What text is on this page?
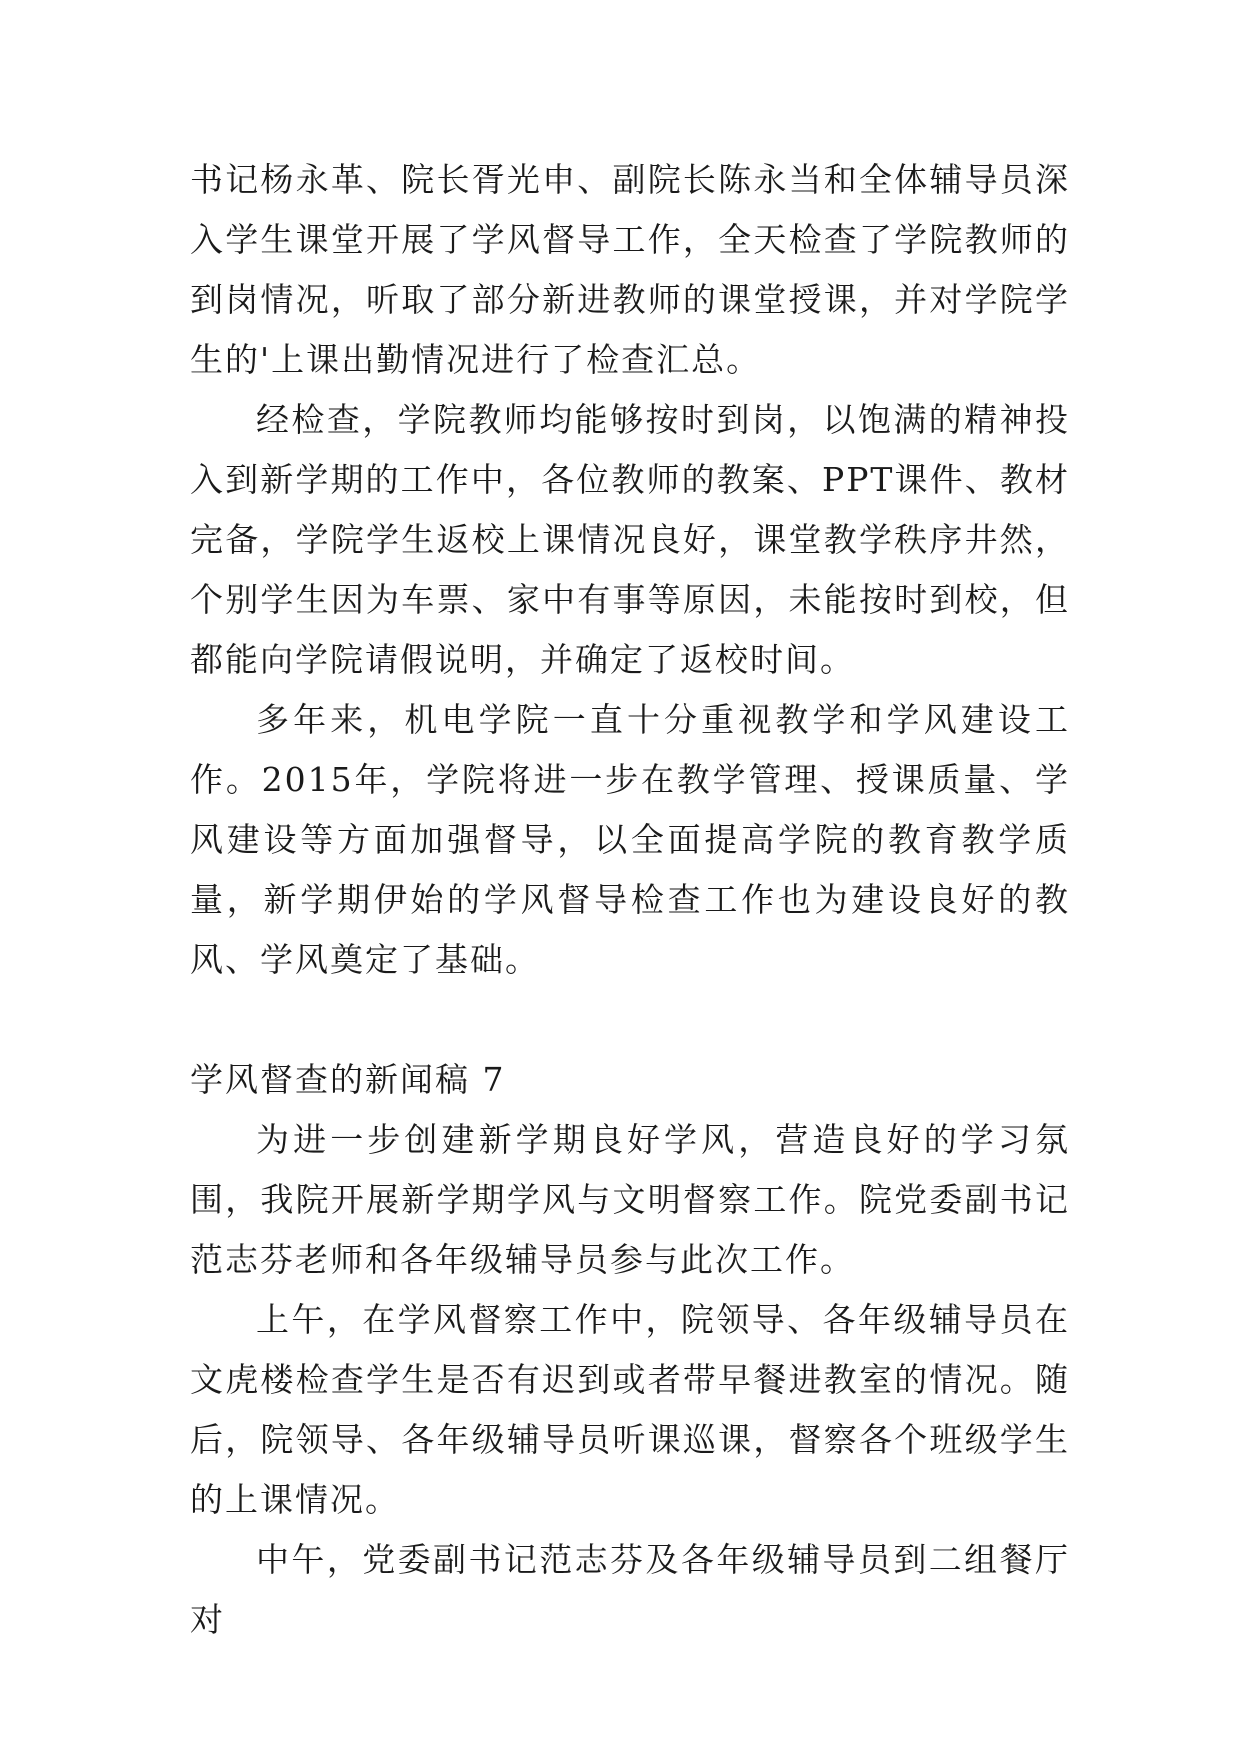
书记杨永革、院长胥光申、副院长陈永当和全体辅导员深入学生课堂开展了学风督导工作，全天检查了学院教师的到岗情况，听取了部分新进教师的课堂授课，并对学院学生的'上课出勤情况进行了检查汇总。

经检查，学院教师均能够按时到岗，以饱满的精神投入到新学期的工作中，各位教师的教案、PPT课件、教材完备，学院学生返校上课情况良好，课堂教学秩序井然，个别学生因为车票、家中有事等原因，未能按时到校，但都能向学院请假说明，并确定了返校时间。

多年来，机电学院一直十分重视教学和学风建设工作。2015年，学院将进一步在教学管理、授课质量、学风建设等方面加强督导，以全面提高学院的教育教学质量，新学期伊始的学风督导检查工作也为建设良好的教风、学风奠定了基础。

学风督查的新闻稿 7

为进一步创建新学期良好学风，营造良好的学习氛围，我院开展新学期学风与文明督察工作。院党委副书记范志芬老师和各年级辅导员参与此次工作。

上午，在学风督察工作中，院领导、各年级辅导员在文虎楼检查学生是否有迟到或者带早餐进教室的情况。随后，院领导、各年级辅导员听课巡课，督察各个班级学生的上课情况。

中午，党委副书记范志芬及各年级辅导员到二组餐厅对
